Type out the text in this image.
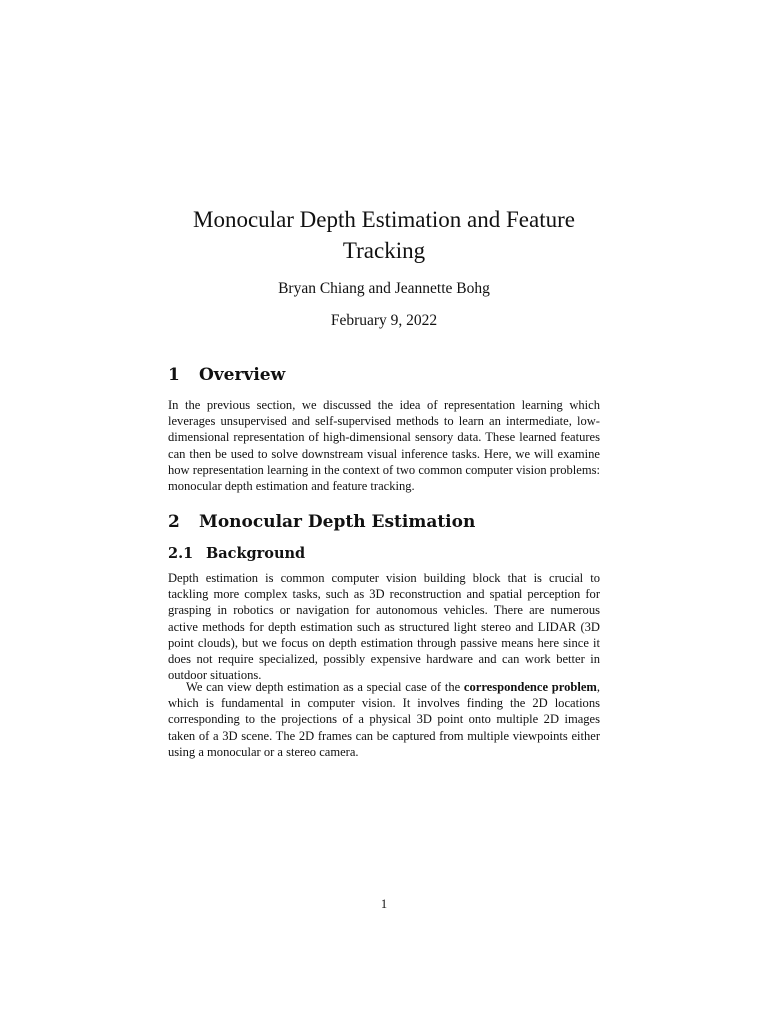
Monocular Depth Estimation and Feature
Tracking
Bryan Chiang and Jeannette Bohg
February 9, 2022
1 Overview

In the previous section, we discussed the idea of representation learning which leverages unsupervised and self-supervised methods to learn an intermediate, low-dimensional representation of high-dimensional sensory data. These learned features can then be used to solve downstream visual inference tasks. Here, we will examine how representation learning in the context of two common computer vision problems: monocular depth estimation and feature tracking.

2 Monocular Depth Estimation
2.1 Background

Depth estimation is common computer vision building block that is crucial to tackling more complex tasks, such as 3D reconstruction and spatial perception for grasping in robotics or navigation for autonomous vehicles. There are numerous active methods for depth estimation such as structured light stereo and LIDAR (3D point clouds), but we focus on depth estimation through passive means here since it does not require specialized, possibly expensive hardware and can work better in outdoor situations.

We can view depth estimation as a special case of the correspondence problem, which is fundamental in computer vision. It involves finding the 2D locations corresponding to the projections of a physical 3D point onto multiple 2D images taken of a 3D scene. The 2D frames can be captured from multiple viewpoints either using a monocular or a stereo camera.

1
